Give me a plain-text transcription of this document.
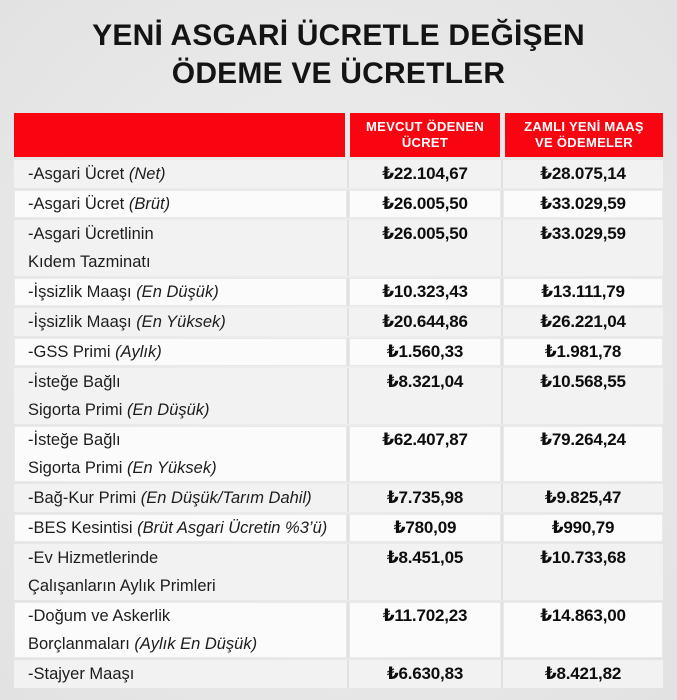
YENİ ASGARİ ÜCRETLE DEĞİŞEN
ÖDEME VE ÜCRETLER
MEVCUT ÖDENEN
ÜCRET
ZAMLI YENİ MAAŞ
VE ÖDEMELER
-Asgari Ücret (Net)	₺22.104,67	₺28.075,14
-Asgari Ücret (Brüt)	₺26.005,50	₺33.029,59
-Asgari Ücretlinin
Kıdem Tazminatı
₺26.005,50	₺33.029,59
-İşsizlik Maaşı (En Düşük)	₺10.323,43	₺13.111,79
-İşsizlik Maaşı (En Yüksek)	₺20.644,86	₺26.221,04
-GSS Primi (Aylık)	₺1.560,33	₺1.981,78
-İsteğe Bağlı
Sigorta Primi (En Düşük)
₺8.321,04	₺10.568,55
-İsteğe Bağlı
Sigorta Primi (En Yüksek)
₺62.407,87	₺79.264,24
-Bağ-Kur Primi (En Düşük/Tarım Dahil)	₺7.735,98	₺9.825,47
-BES Kesintisi (Brüt Asgari Ücretin %3’ü)	₺780,09	₺990,79
-Ev Hizmetlerinde
Çalışanların Aylık Primleri
₺8.451,05	₺10.733,68
-Doğum ve Askerlik
Borçlanmaları (Aylık En Düşük)
₺11.702,23	₺14.863,00
-Stajyer Maaşı	₺6.630,83	₺8.421,82
